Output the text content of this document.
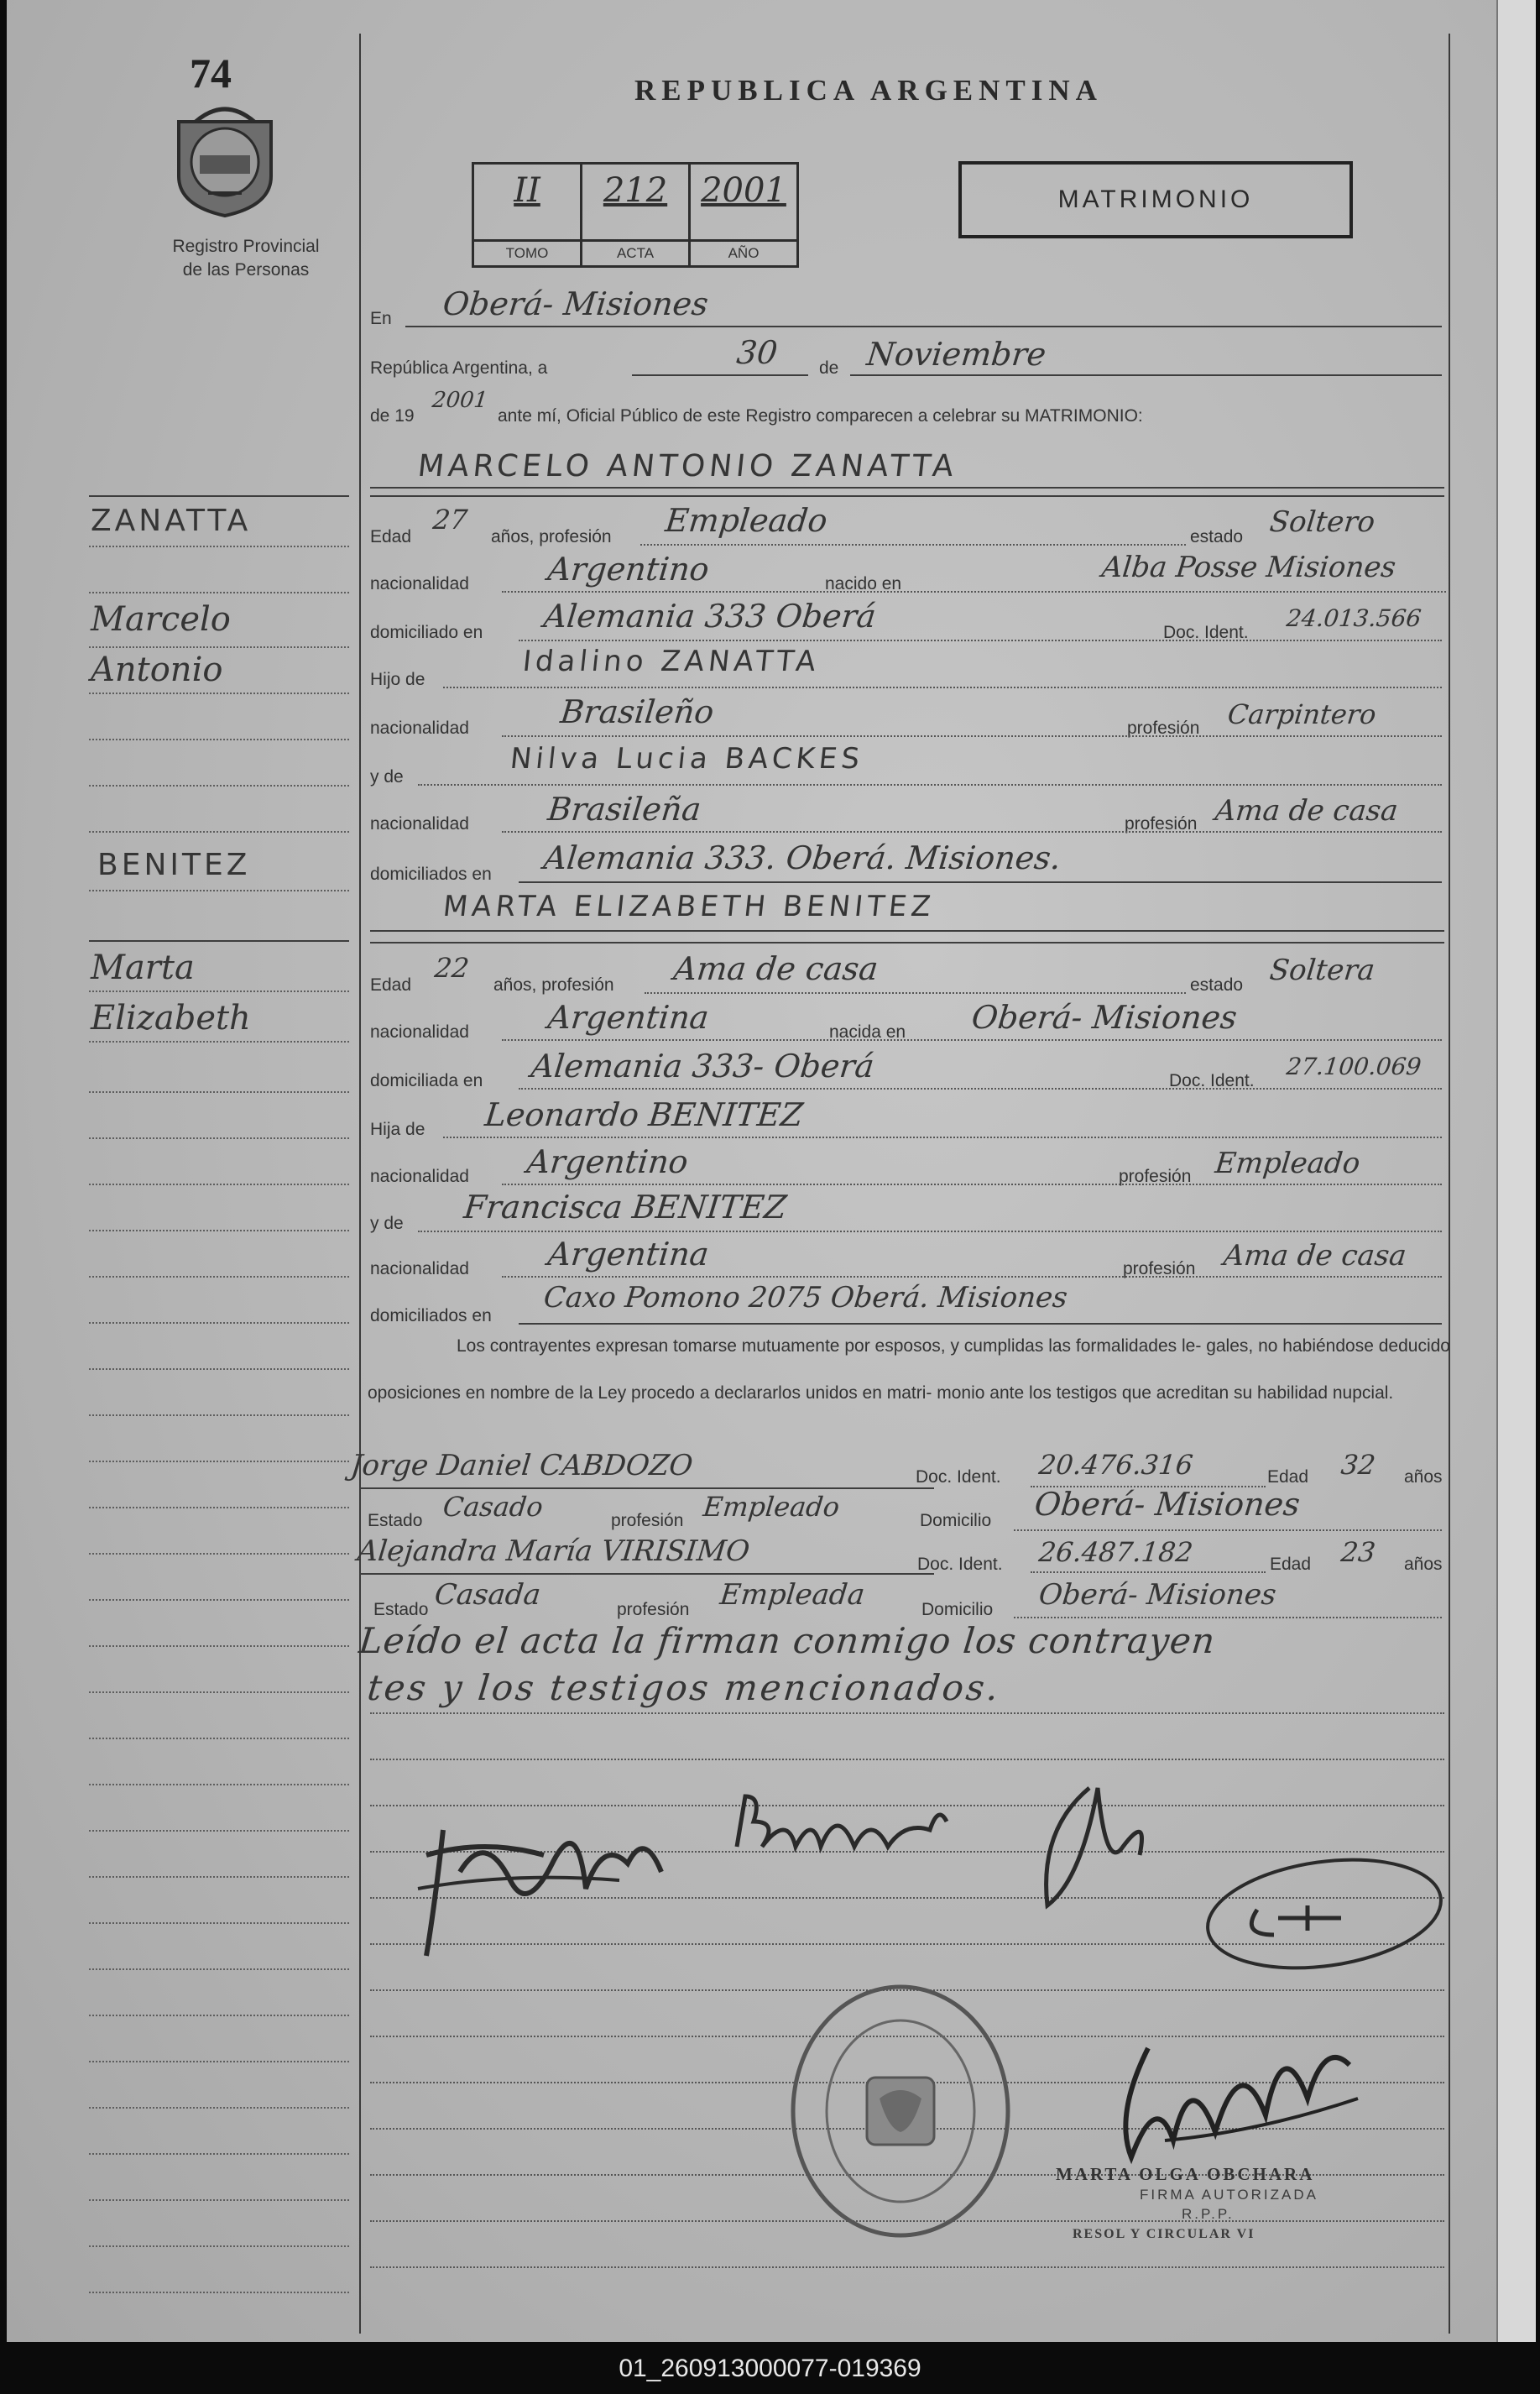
74
Registro Provincial
de las Personas
REPUBLICA ARGENTINA
II
TOMO
212
ACTA
2001
AÑO
MATRIMONIO
ZANATTA
Marcelo
Antonio
BENITEZ
Marta
Elizabeth
En Oberá- Misiones
República Argentina, a	30 de Noviembre
de 19
2001
ante mí, Oficial Público de este Registro comparecen a celebrar su MATRIMONIO:
MARCELO ANTONIO ZANATTA
Edad
27
años, profesión Empleado	estado Soltero
nacionalidad Argentino	nacido en	Alba Posse Misiones
domiciliado en Alemania 333 Oberá	Doc. Ident.
24.013.566
Hijo de
Idalino ZANATTA
nacionalidad	Brasileño	profesión Carpintero
y de
Nilva Lucia BACKES
nacionalidad Brasileña	profesión Ama de casa
domiciliados en Alemania 333. Oberá. Misiones.
MARTA ELIZABETH BENITEZ
Edad
22
años, profesión Ama de casa	estado Soltera
nacionalidad Argentina	nacida en Oberá- Misiones
domiciliada en Alemania 333- Oberá	Doc. Ident.
27.100.069
Hija de Leonardo BENITEZ
nacionalidad Argentino	profesión Empleado
y de Francisca BENITEZ
nacionalidad Argentina	profesión Ama de casa
domiciliados en
Caxo Pomono 2075 Oberá. Misiones
Los contrayentes expresan tomarse mutuamente por esposos, y cumplidas las formalidades le- gales, no habiéndose deducido oposiciones en nombre de la Ley procedo a declararlos unidos en matri- monio ante los testigos que acreditan su habilidad nupcial.
Jorge Daniel CABDOZO	Doc. Ident. 20.476.316	Edad 32 años
Estado Casado	profesión Empleado	Domicilio Oberá- Misiones
Alejandra María VIRISIMO	Doc. Ident. 26.487.182	Edad 23 años
Estado Casada	profesión Empleada	Domicilio Oberá- Misiones
Leído el acta la firman conmigo los contrayen
tes y los testigos mencionados.
MARTA OLGA OBCHARA
FIRMA AUTORIZADA
R.P.P.
RESOL Y CIRCULAR VI
01_260913000077-019369
